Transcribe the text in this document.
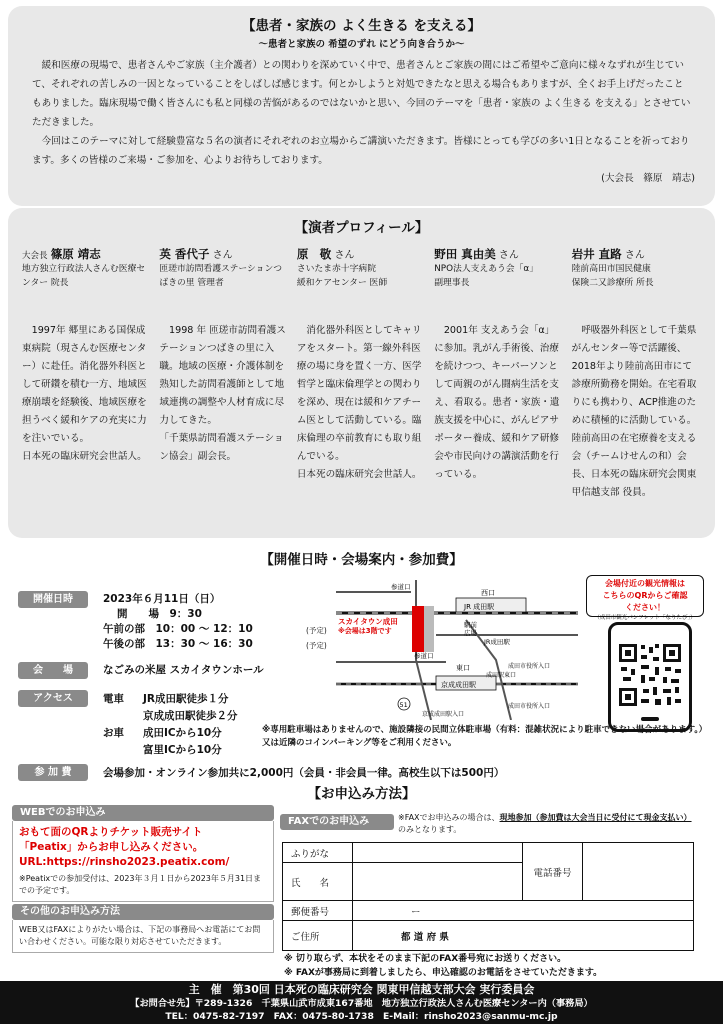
【患者・家族の よく生きる を支える】
～患者と家族の 希望のずれ にどう向き合うか～

緩和医療の現場で、患者さんやご家族（主介護者）との関わりを深めていく中で、患者さんとご家族の間にはご希望やご意向に様々なずれが生じていて、それぞれの苦しみの一因となっていることをしばしば感じます。何とかしようと対処できたなと思える場合もありますが、全くお手上げだったこともありました。臨床現場で働く皆さんにも私と同様の苦悩があるのではないかと思い、今回のテーマを「患者・家族の よく生きる を支える」とさせていただきました。

今回はこのテーマに対して経験豊富な５名の演者にそれぞれのお立場からご講演いただきます。皆様にとっても学びの多い1日となることを祈っております。多くの皆様のご来場・ご参加を、心よりお待ちしております。

(大会長　篠原　靖志)
【演者プロフィール】
大会長 篠原 靖志
地方独立行政法人さんむ医療センター 院長
1997年 郷里にある国保成東病院（現さんむ医療センター）に赴任。消化器外科医として研鑽を積む一方、地域医療崩壊を経験後、地域医療を担うべく緩和ケアの充実に力を注いでいる。
日本死の臨床研究会世話人。
英 香代子 さん
匝瑳市訪問看護ステーションつばきの里 管理者
1998 年 匝瑳市訪問看護ステーションつばきの里に入職。地域の医療・介護体制を熟知した訪問看護師として地域連携の調整や人材育成に尽力してきた。
「千葉県訪問看護ステーション協会」副会長。
原　敬 さん
さいたま赤十字病院
緩和ケアセンター 医師
消化器外科医としてキャリアをスタート。第一線外科医療の場に身を置く一方、医学哲学と臨床倫理学との関わりを深め、現在は緩和ケアチーム医として活動している。臨床倫理の卒前教育にも取り組んでいる。
日本死の臨床研究会世話人。
野田 真由美 さん
NPO法人支えあう会「α」
副理事長
2001年 支えあう会「α」に参加。乳がん手術後、治療を続けつつ、キーパーソンとして両親のがん闘病生活を支え、看取る。患者・家族・遺族支援を中心に、がんピアサポーター養成、緩和ケア研修会や市民向けの講演活動を行っている。
岩井 直路 さん
陸前高田市国民健康
保険二又診療所 所長
呼吸器外科医として千葉県がんセンター等で活躍後、2018年より陸前高田市にて診療所勤務を開始。在宅看取りにも携わり、ACP推進のために積極的に活動している。
陸前高田の在宅療養を支える会（チームけせんの和）会長、日本死の臨床研究会関東甲信越支部 役員。
【開催日時・会場案内・参加費】
開催日時	2023年６月11日（日）
開　　場　9：30
午前の部　10：00 ～ 12：10	(予定)
午後の部　13：30 ～ 16：30	(予定)
会　　場	なごみの米屋 スカイタウンホール
アクセス	電車 JR成田駅徒歩１分
京成成田駅徒歩２分
お車 成田ICから10分
富里ICから10分
※専用駐車場はありませんので、施設隣接の民間立体駐車場（有料：混雑状況により駐車できない場合があります。）又は近隣のコインパーキング等をご利用ください。
参 加 費	会場参加・オンライン参加共に2,000円（会員・非会員一律。高校生以下は500円）
スカイタウン成田
※会場は3階です
JR 成田駅
京成成田駅
西口
東口
駅前
広場
参道口
参道口
JR成田駅
成田駅東口
成田市役所入口
京成成田駅入口
成田市役所入口
51
会場付近の観光情報は
こちらのQRからご確認
ください！
（成田市観光パンフレット「なりたび」）
【お申込み方法】
WEBでのお申込み
おもて面のQRよりチケット販売サイト
「Peatix」からお申し込みください。
URL:https://rinsho2023.peatix.com/
※Peatixでの参加受付は、2023年３月１日から2023年５月31日までの予定です。
その他のお申込み方法
WEB又はFAXによりがたい場合は、下記の事務局へお電話にてお問い合わせください。可能な限り対応させていただきます。
FAXでのお申込み	※FAXでお申込みの場合は、現地参加（参加費は大会当日に受付にて現金支払い）のみとなります。
ふりがな		電話番号	
氏　　名			
郵便番号	ー		
ご住所	都 道 府 県		
※ 切り取らず、本状をそのまま下記のFAX番号宛にお送りください。
※ FAXが事務局に到着しましたら、申込確認のお電話をさせていただきます。
主　催　第30回 日本死の臨床研究会 関東甲信越支部大会 実行委員会
【お問合せ先】〒289-1326　千葉県山武市成東167番地　地方独立行政法人さんむ医療センター内（事務局）
TEL：0475-82-7197　FAX：0475-80-1738　E-Mail：rinsho2023@sanmu-mc.jp
